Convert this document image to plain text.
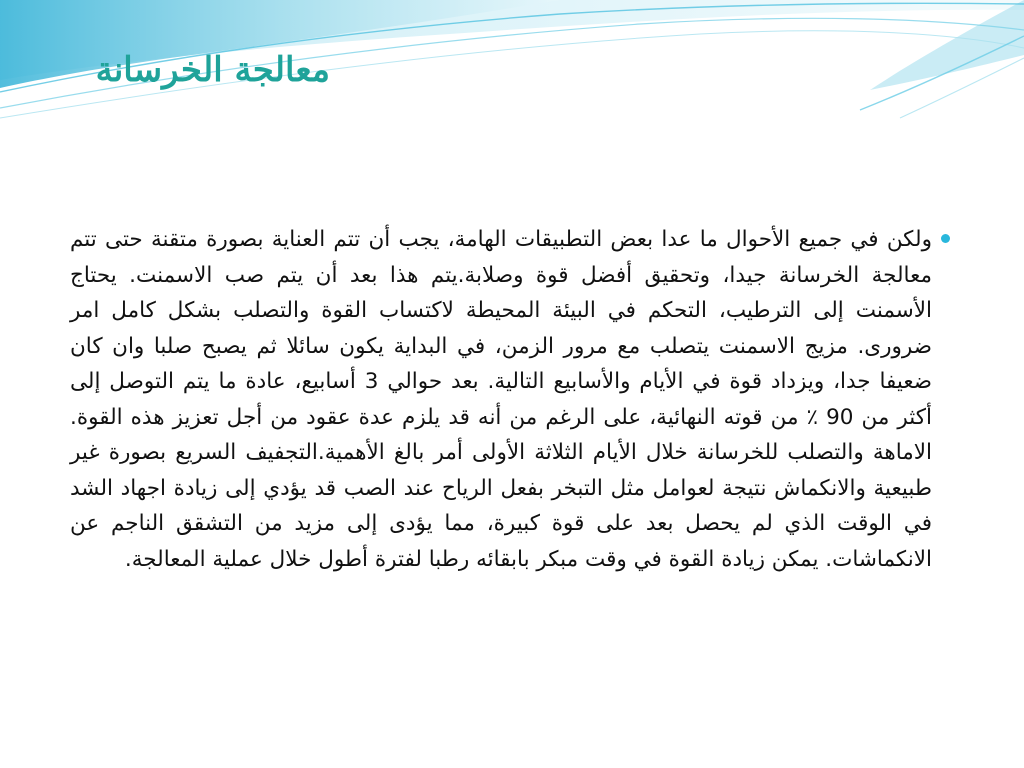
معالجة الخرسانة

ولكن في جميع الأحوال ما عدا بعض التطبيقات الهامة، يجب أن تتم العناية بصورة متقنة حتى تتم معالجة الخرسانة جيدا، وتحقيق أفضل قوة وصلابة.يتم هذا بعد أن يتم صب الاسمنت. يحتاج الأسمنت إلى الترطيب، التحكم في البيئة المحيطة لاكتساب القوة والتصلب بشكل كامل امر ضرورى. مزيج الاسمنت يتصلب مع مرور الزمن، في البداية يكون سائلا ثم يصبح صلبا وان كان ضعيفا جدا، ويزداد قوة في الأيام والأسابيع التالية. بعد حوالي 3 أسابيع، عادة ما يتم التوصل إلى أكثر من 90 ٪ من قوته النهائية، على الرغم من أنه قد يلزم عدة عقود من أجل تعزيز هذه القوة. الاماهة والتصلب للخرسانة خلال الأيام الثلاثة الأولى أمر بالغ الأهمية.التجفيف السريع بصورة غير طبيعية والانكماش نتيجة لعوامل مثل التبخر بفعل الرياح عند الصب قد يؤدي إلى زيادة اجهاد الشد في الوقت الذي لم يحصل بعد على قوة كبيرة، مما يؤدى إلى مزيد من التشقق الناجم عن الانكماشات. يمكن زيادة القوة في وقت مبكر بابقائه رطبا لفترة أطول خلال عملية المعالجة.
